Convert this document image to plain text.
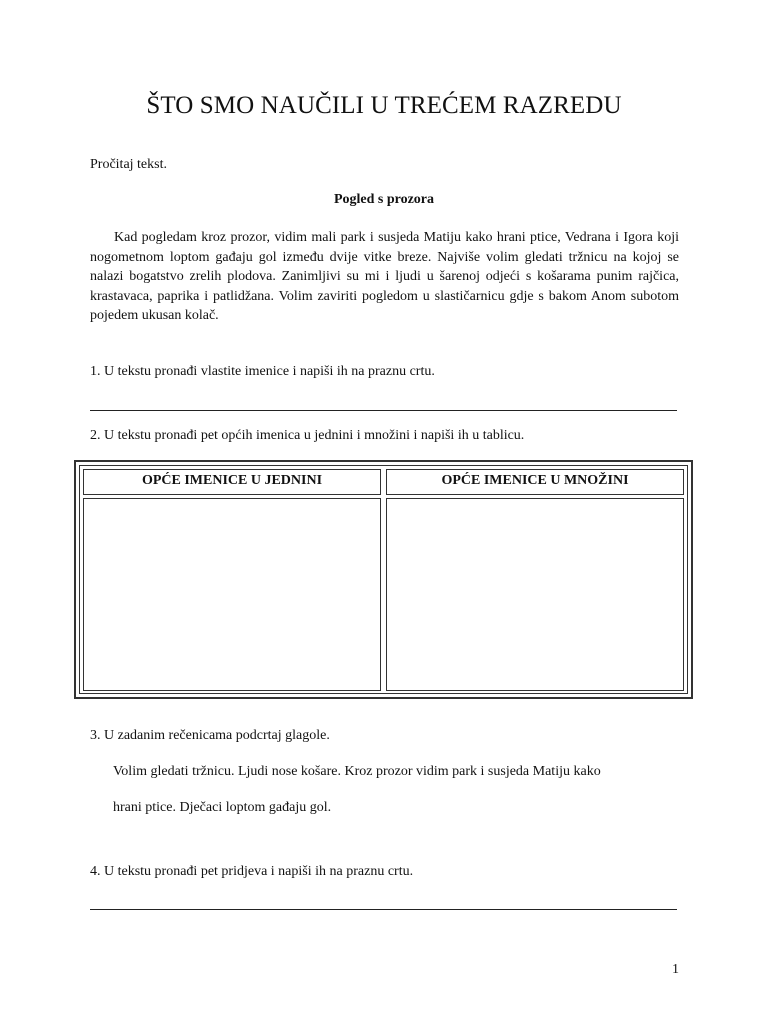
ŠTO SMO NAUČILI U TREĆEM RAZREDU
Pročitaj tekst.
Pogled s prozora
Kad pogledam kroz prozor, vidim mali park i susjeda Matiju kako hrani ptice, Vedrana i Igora koji nogometnom loptom gađaju gol između dvije vitke breze. Najviše volim gledati tržnicu na kojoj se nalazi bogatstvo zrelih plodova. Zanimljivi su mi i ljudi u šarenoj odjeći s košarama punim rajčica, krastavaca, paprika i patlidžana. Volim zaviriti pogledom u slastičarnicu gdje s bakom Anom subotom pojedem ukusan kolač.
1. U tekstu pronađi vlastite imenice i napiši ih na praznu crtu.
2. U tekstu pronađi pet općih imenica u jednini i množini i napiši ih u tablicu.
OPĆE IMENICE U JEDNINI	OPĆE IMENICE U MNOŽINI
3. U zadanim rečenicama podcrtaj glagole.
Volim gledati tržnicu. Ljudi nose košare. Kroz prozor vidim park i susjeda Matiju kako
hrani ptice. Dječaci loptom gađaju gol.
4. U tekstu pronađi pet pridjeva i napiši ih na praznu crtu.
1
